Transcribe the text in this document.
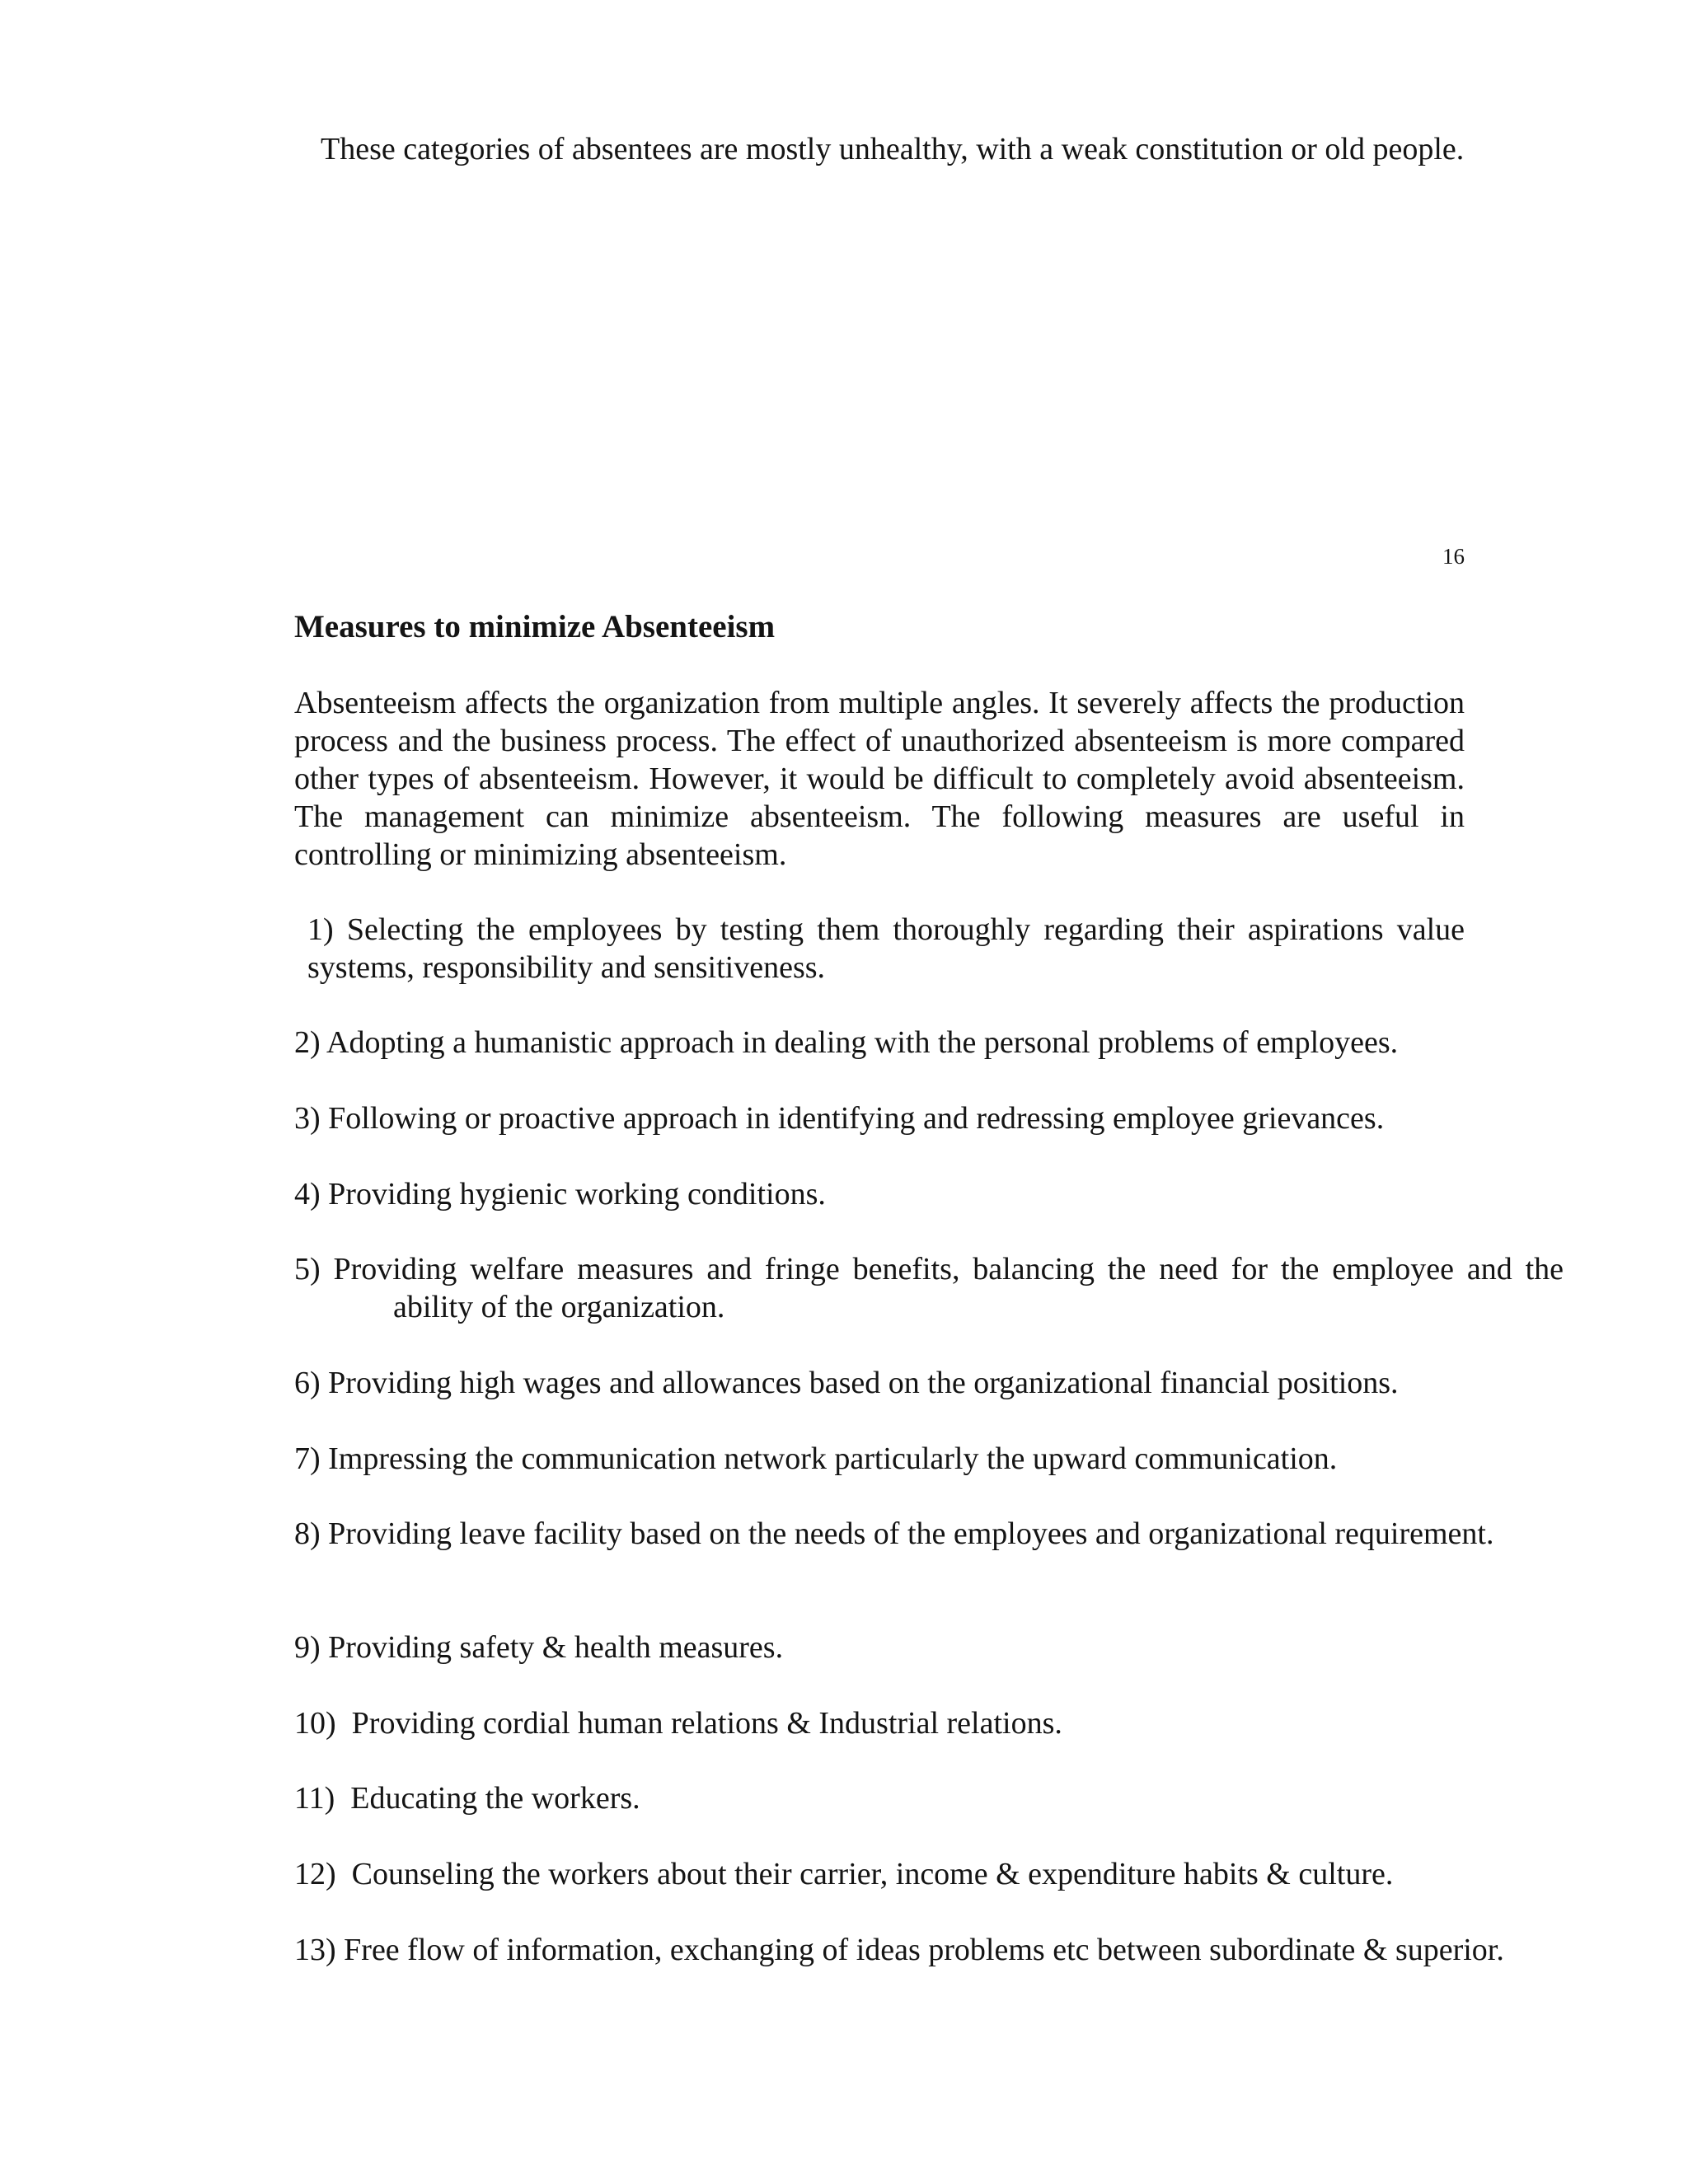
These categories of absentees are mostly unhealthy, with a weak constitution or old people.
16
Measures to minimize Absenteeism
Absenteeism affects the organization from multiple angles. It severely affects the production process and the business process. The effect of unauthorized absenteeism is more compared other types of absenteeism. However, it would be difficult to completely avoid absenteeism. The management can minimize absenteeism. The following measures are useful in controlling or minimizing absenteeism.
1) Selecting the employees by testing them thoroughly regarding their aspirations value systems, responsibility and sensitiveness.
2) Adopting a humanistic approach in dealing with the personal problems of employees.
3) Following or proactive approach in identifying and redressing employee grievances.
4) Providing hygienic working conditions.
5) Providing welfare measures and fringe benefits, balancing the need for the employee and the ability of the organization.
6) Providing high wages and allowances based on the organizational financial positions.
7) Impressing the communication network particularly the upward communication.
8) Providing leave facility based on the needs of the employees and organizational requirement.
9) Providing safety & health measures.
10)  Providing cordial human relations & Industrial relations.
11)  Educating the workers.
12)  Counseling the workers about their carrier, income & expenditure habits & culture.
13) Free flow of information, exchanging of ideas problems etc between subordinate & superior.
